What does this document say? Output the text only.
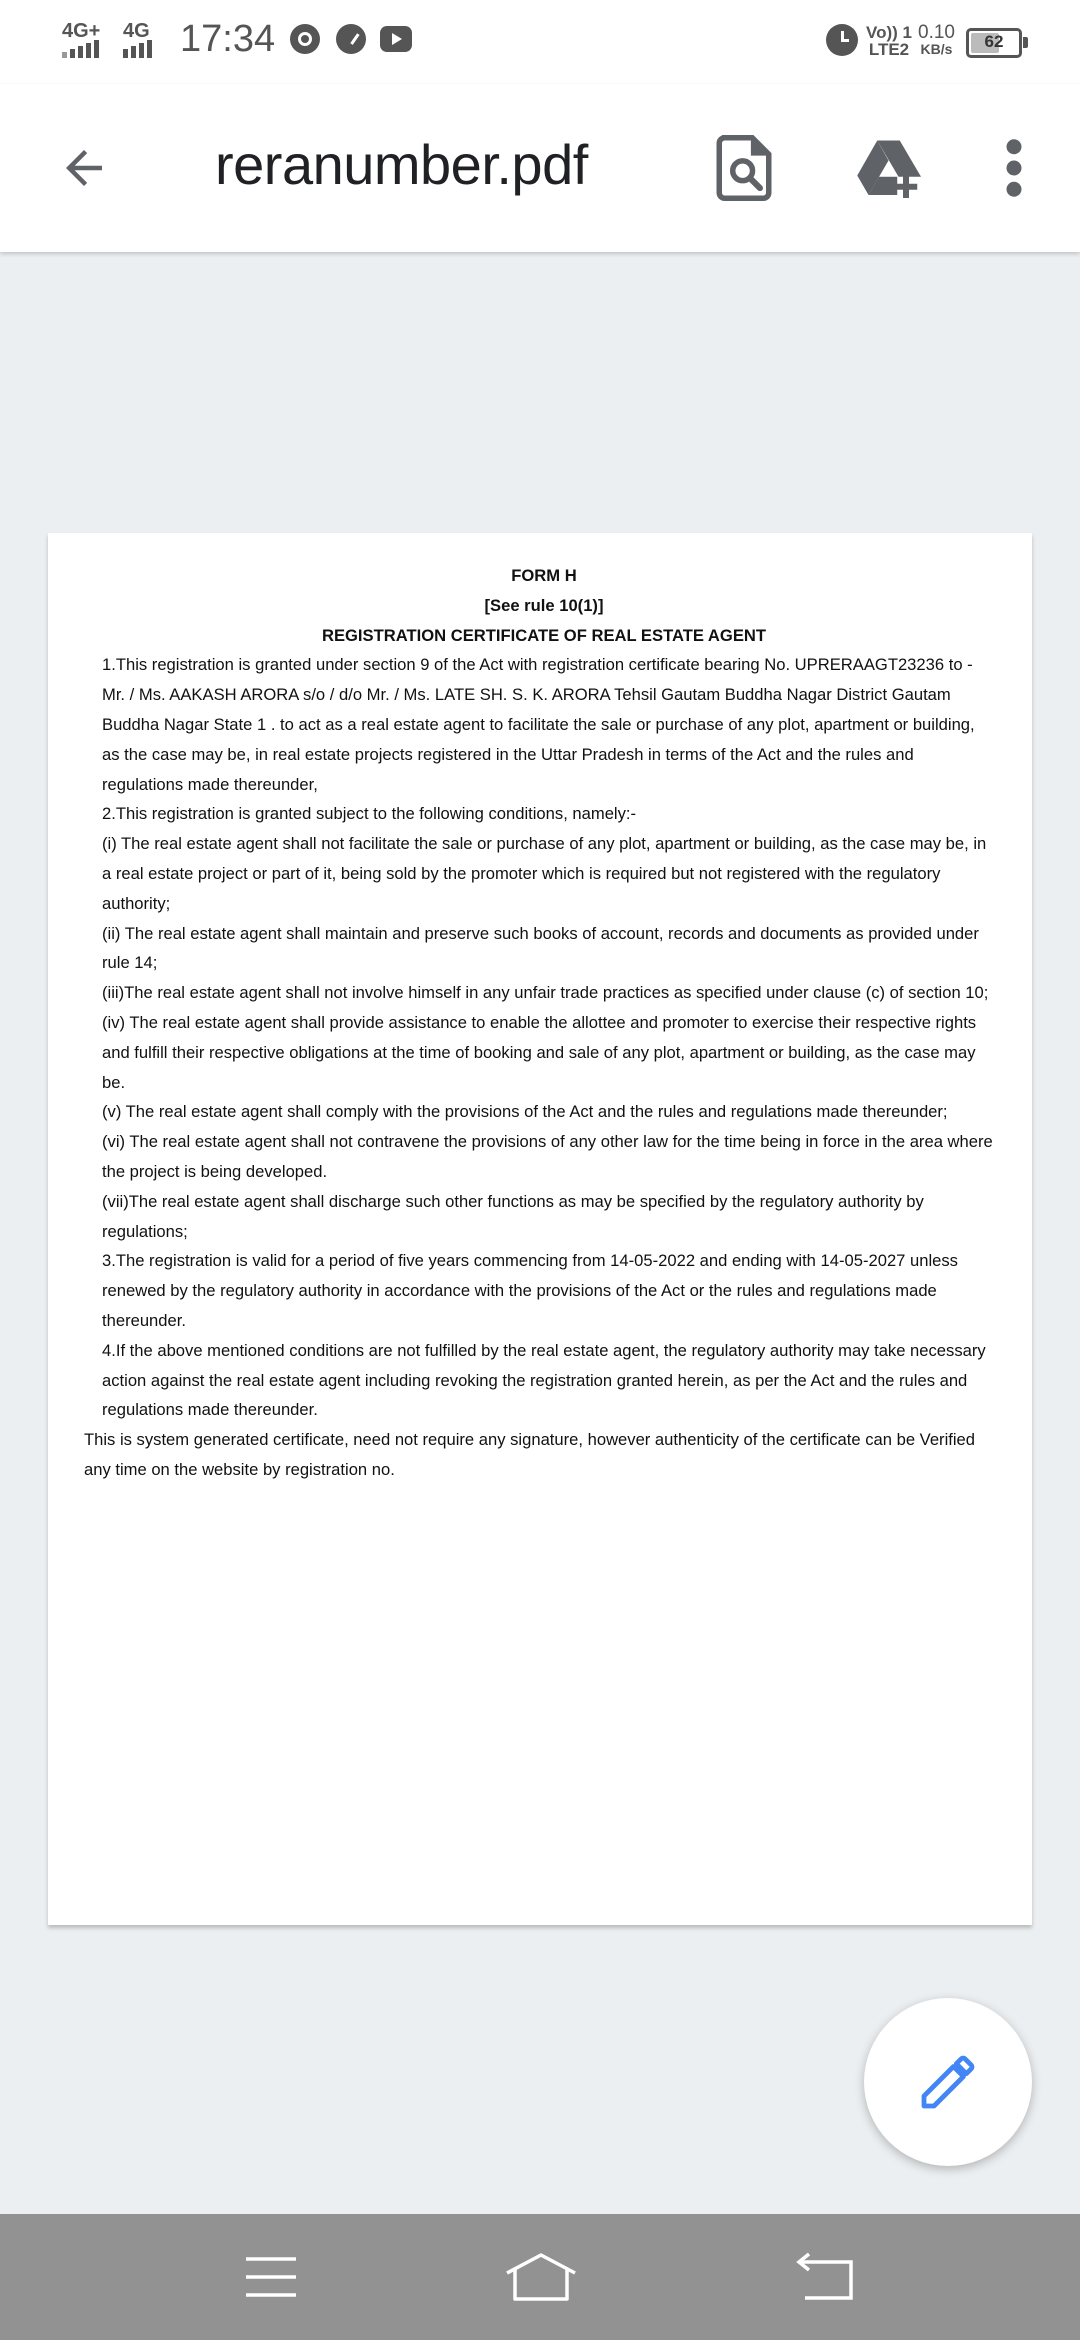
4G+ 4G 17:34	Vo)) 1
LTE2
0.10
KB/s	62
reranumber.pdf

FORM H

[See rule 10(1)]

REGISTRATION CERTIFICATE OF REAL ESTATE AGENT

1.This registration is granted under section 9 of the Act with registration certificate bearing No. UPRERAAGT23236 to - Mr. / Ms. AAKASH ARORA s/o / d/o Mr. / Ms. LATE SH. S. K. ARORA Tehsil Gautam Buddha Nagar District Gautam Buddha Nagar State 1 . to act as a real estate agent to facilitate the sale or purchase of any plot, apartment or building, as the case may be, in real estate projects registered in the Uttar Pradesh in terms of the Act and the rules and regulations made thereunder,

2.This registration is granted subject to the following conditions, namely:-

(i) The real estate agent shall not facilitate the sale or purchase of any plot, apartment or building, as the case may be, in a real estate project or part of it, being sold by the promoter which is required but not registered with the regulatory authority;

(ii) The real estate agent shall maintain and preserve such books of account, records and documents as provided under rule 14;

(iii)The real estate agent shall not involve himself in any unfair trade practices as specified under clause (c) of section 10;

(iv) The real estate agent shall provide assistance to enable the allottee and promoter to exercise their respective rights and fulfill their respective obligations at the time of booking and sale of any plot, apartment or building, as the case may be.

(v) The real estate agent shall comply with the provisions of the Act and the rules and regulations made thereunder;

(vi) The real estate agent shall not contravene the provisions of any other law for the time being in force in the area where the project is being developed.

(vii)The real estate agent shall discharge such other functions as may be specified by the regulatory authority by regulations;

3.The registration is valid for a period of five years commencing from 14-05-2022 and ending with 14-05-2027 unless renewed by the regulatory authority in accordance with the provisions of the Act or the rules and regulations made thereunder.

4.If the above mentioned conditions are not fulfilled by the real estate agent, the regulatory authority may take necessary action against the real estate agent including revoking the registration granted herein, as per the Act and the rules and regulations made thereunder.

This is system generated certificate, need not require any signature, however authenticity of the certificate can be Verified any time on the website by registration no.
